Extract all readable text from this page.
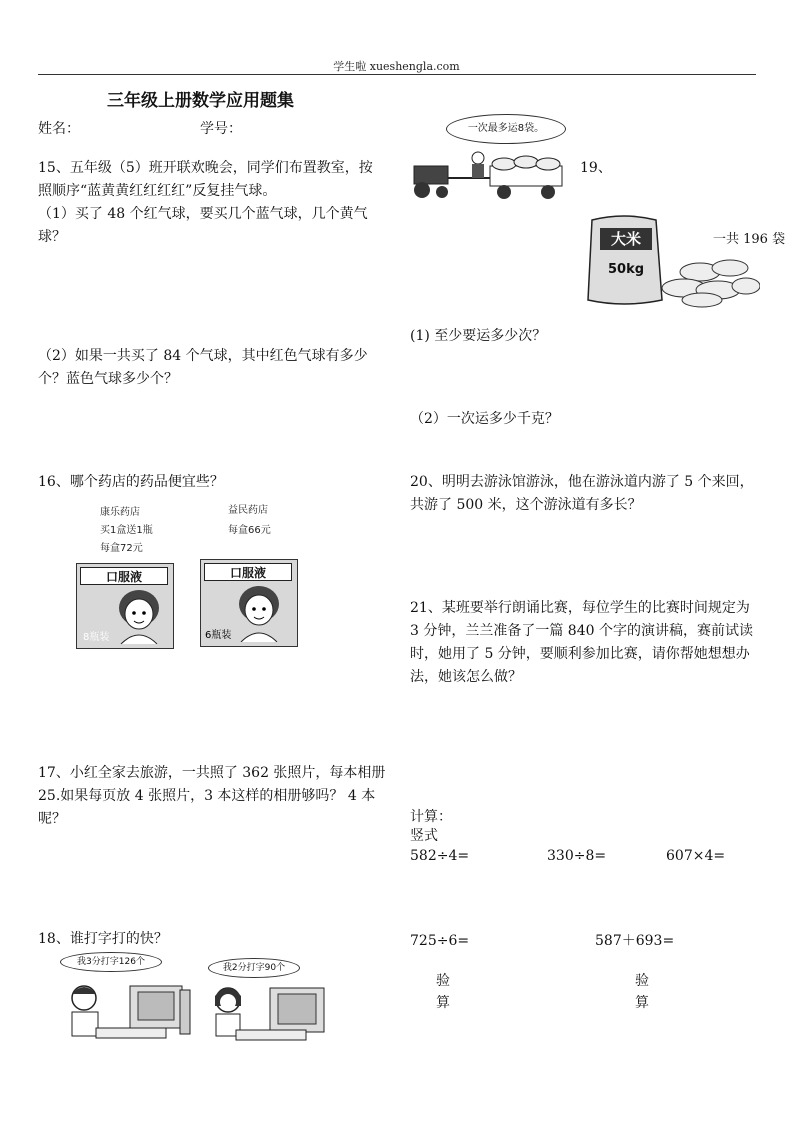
学生啦 xueshengla.com
三年级上册数学应用题集
姓名：	学号：
15、五年级（5）班开联欢晚会，同学们布置教室，按照顺序“蓝黄黄红红红红”反复挂气球。
（1）买了 48 个红气球，要买几个蓝气球，几个黄气球？
（2）如果一共买了 84 个气球，其中红色气球有多少个？蓝色气球多少个？
16、哪个药店的药品便宜些？
康乐药店
买1盒送1瓶
每盒72元
益民药店
每盒66元
口服液
8瓶装
口服液
6瓶装
17、小红全家去旅游，一共照了 362 张照片，每本相册 25.如果每页放 4 张照片，3 本这样的相册够吗？ 4 本呢？
18、谁打字打的快？
我3分打字126个
我2分打字90个
一次最多运8袋。
19、
大米
50kg
一共 196 袋
(1) 至少要运多少次？
（2）一次运多少千克？
20、明明去游泳馆游泳，他在游泳道内游了 5 个来回，共游了 500 米，这个游泳道有多长？
21、某班要举行朗诵比赛，每位学生的比赛时间规定为 3 分钟，兰兰准备了一篇 840 个字的演讲稿，赛前试读时，她用了 5 分钟，要顺利参加比赛，请你帮她想想办法，她该怎么做？
计算：
竖式
582÷4=	330÷8=	607×4=
725÷6=	587＋693=
验
算
验
算
